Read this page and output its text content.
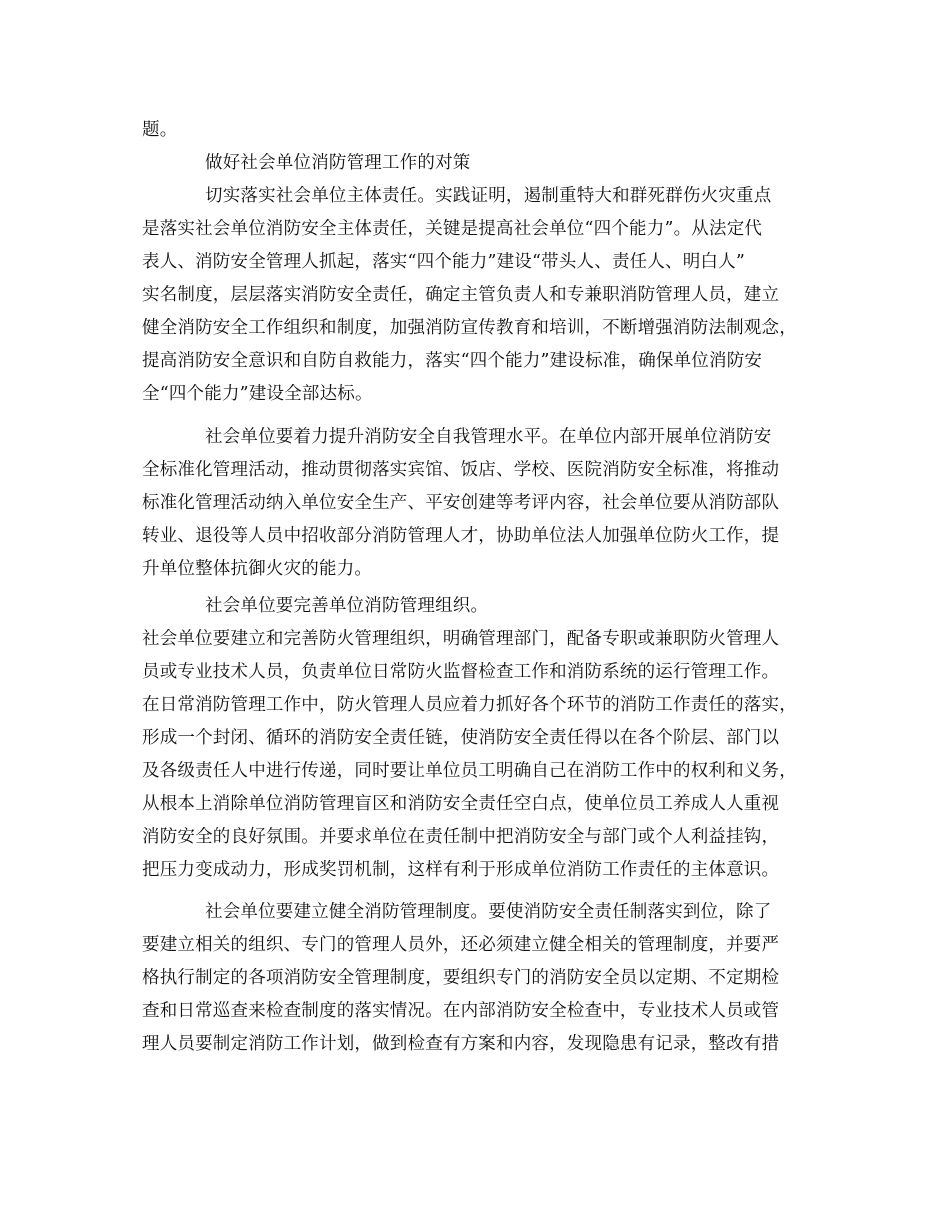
题。
做好社会单位消防管理工作的对策
切实落实社会单位主体责任。实践证明，遏制重特大和群死群伤火灾重点
是落实社会单位消防安全主体责任，关键是提高社会单位“四个能力”。从法定代
表人、消防安全管理人抓起，落实“四个能力”建设“带头人、责任人、明白人”
实名制度，层层落实消防安全责任，确定主管负责人和专兼职消防管理人员，建立
健全消防安全工作组织和制度，加强消防宣传教育和培训，不断增强消防法制观念，
提高消防安全意识和自防自救能力，落实“四个能力”建设标准，确保单位消防安
全“四个能力”建设全部达标。
社会单位要着力提升消防安全自我管理水平。在单位内部开展单位消防安
全标准化管理活动，推动贯彻落实宾馆、饭店、学校、医院消防安全标准，将推动
标准化管理活动纳入单位安全生产、平安创建等考评内容，社会单位要从消防部队
转业、退役等人员中招收部分消防管理人才，协助单位法人加强单位防火工作，提
升单位整体抗御火灾的能力。
社会单位要完善单位消防管理组织。
社会单位要建立和完善防火管理组织，明确管理部门，配备专职或兼职防火管理人
员或专业技术人员，负责单位日常防火监督检查工作和消防系统的运行管理工作。
在日常消防管理工作中，防火管理人员应着力抓好各个环节的消防工作责任的落实，
形成一个封闭、循环的消防安全责任链，使消防安全责任得以在各个阶层、部门以
及各级责任人中进行传递，同时要让单位员工明确自己在消防工作中的权利和义务，
从根本上消除单位消防管理盲区和消防安全责任空白点，使单位员工养成人人重视
消防安全的良好氛围。并要求单位在责任制中把消防安全与部门或个人利益挂钩，
把压力变成动力，形成奖罚机制，这样有利于形成单位消防工作责任的主体意识。
社会单位要建立健全消防管理制度。要使消防安全责任制落实到位，除了
要建立相关的组织、专门的管理人员外，还必须建立健全相关的管理制度，并要严
格执行制定的各项消防安全管理制度，要组织专门的消防安全员以定期、不定期检
查和日常巡查来检查制度的落实情况。在内部消防安全检查中，专业技术人员或管
理人员要制定消防工作计划，做到检查有方案和内容，发现隐患有记录，整改有措
